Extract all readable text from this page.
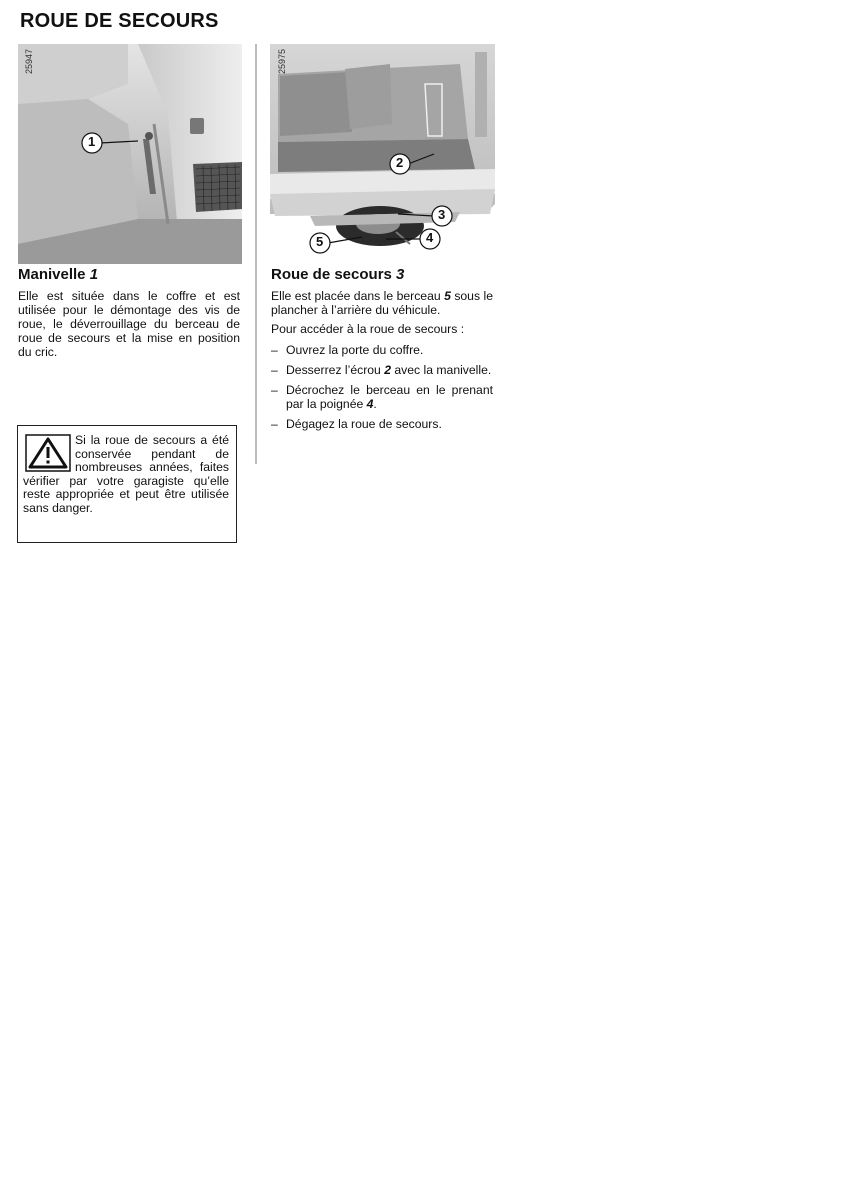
ROUE DE SECOURS
25947
1
25975
2
3
4
5
Manivelle 1

Elle est située dans le coffre et est utilisée pour le démontage des vis de roue, le déverrouillage du berceau de roue de secours et la mise en position du cric.

Si la roue de secours a été conservée pendant de nombreuses années, faites vérifier par votre garagiste qu’elle reste appropriée et peut être utilisée sans danger.

Roue de secours 3

Elle est placée dans le berceau 5 sous le plancher à l’arrière du véhicule.

Pour accéder à la roue de secours :

– Ouvrez la porte du coffre.
– Desserrez l’écrou 2 avec la manivelle.
– Décrochez le berceau en le prenant par la poignée 4.
– Dégagez la roue de secours.
